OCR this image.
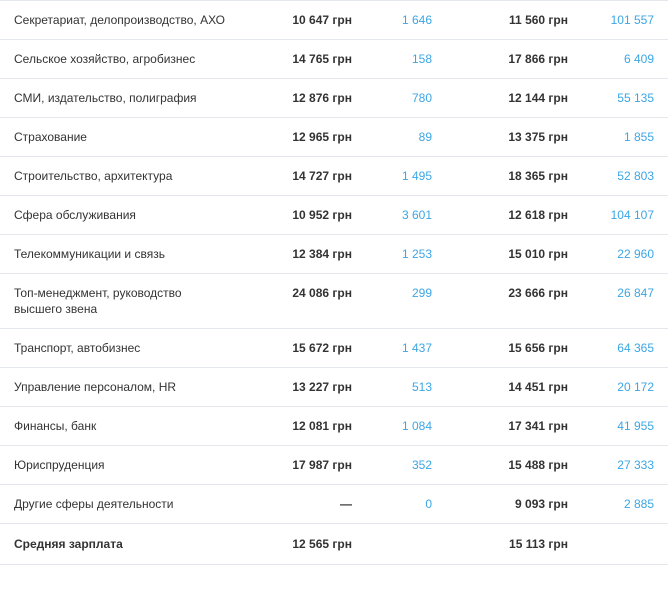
Секретариат, делопроизводство, АХО	10 647 грн	1 646	11 560 грн	101 557
Сельское хозяйство, агробизнес	14 765 грн	158	17 866 грн	6 409
СМИ, издательство, полиграфия	12 876 грн	780	12 144 грн	55 135
Страхование	12 965 грн	89	13 375 грн	1 855
Строительство, архитектура	14 727 грн	1 495	18 365 грн	52 803
Сфера обслуживания	10 952 грн	3 601	12 618 грн	104 107
Телекоммуникации и связь	12 384 грн	1 253	15 010 грн	22 960
Топ-менеджмент, руководство высшего звена	24 086 грн	299	23 666 грн	26 847
Транспорт, автобизнес	15 672 грн	1 437	15 656 грн	64 365
Управление персоналом, HR	13 227 грн	513	14 451 грн	20 172
Финансы, банк	12 081 грн	1 084	17 341 грн	41 955
Юриспруденция	17 987 грн	352	15 488 грн	27 333
Другие сферы деятельности	—	0	9 093 грн	2 885
Средняя зарплата	12 565 грн		15 113 грн	
